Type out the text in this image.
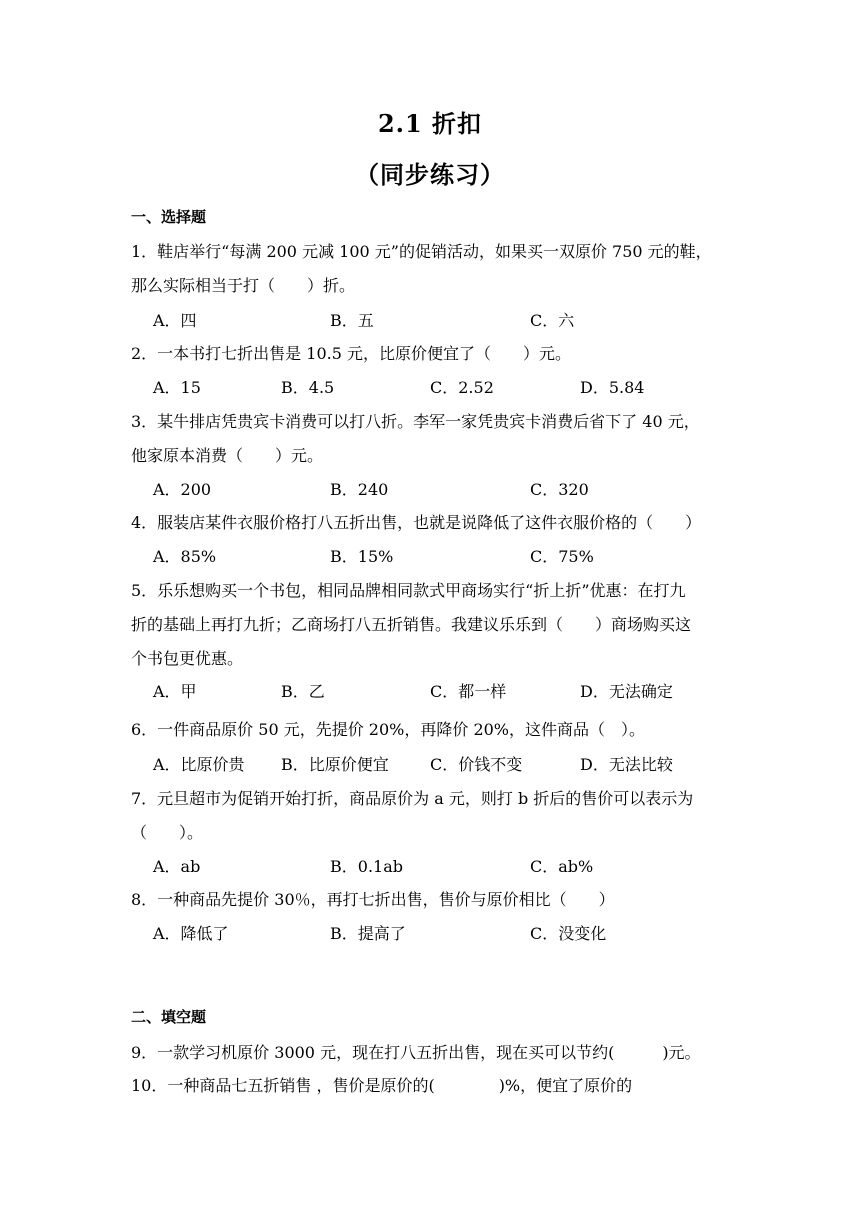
2.1 折扣
（同步练习）
一、选择题
1．鞋店举行“每满 200 元减 100 元”的促销活动，如果买一双原价 750 元的鞋，
那么实际相当于打（　　）折。
A．四	B．五	C．六
2．一本书打七折出售是 10.5 元，比原价便宜了（　　）元。
A．15	B．4.5	C．2.52	D．5.84
3．某牛排店凭贵宾卡消费可以打八折。李军一家凭贵宾卡消费后省下了 40 元，
他家原本消费（　　）元。
A．200	B．240	C．320
4．服装店某件衣服价格打八五折出售，也就是说降低了这件衣服价格的（　　）
A．85%	B．15%	C．75%
5．乐乐想购买一个书包，相同品牌相同款式甲商场实行“折上折”优惠：在打九
折的基础上再打九折；乙商场打八五折销售。我建议乐乐到（　　）商场购买这
个书包更优惠。
A．甲	B．乙	C．都一样	D．无法确定
6．一件商品原价 50 元，先提价 20%，再降价 20%，这件商品（　）。
A．比原价贵 B．比原价便宜	C．价钱不变	D．无法比较
7．元旦超市为促销开始打折，商品原价为 a 元，则打 b 折后的售价可以表示为
（　　）。
A．ab	B．0.1ab	C．ab%
8．一种商品先提价 30％，再打七折出售，售价与原价相比（　　）
A．降低了	B．提高了	C．没变化
二、填空题
9．一款学习机原价 3000 元，现在打八五折出售，现在买可以节约(　　　)元。
10．一种商品七五折销售 ，售价是原价的(　　　　)%，便宜了原价的
